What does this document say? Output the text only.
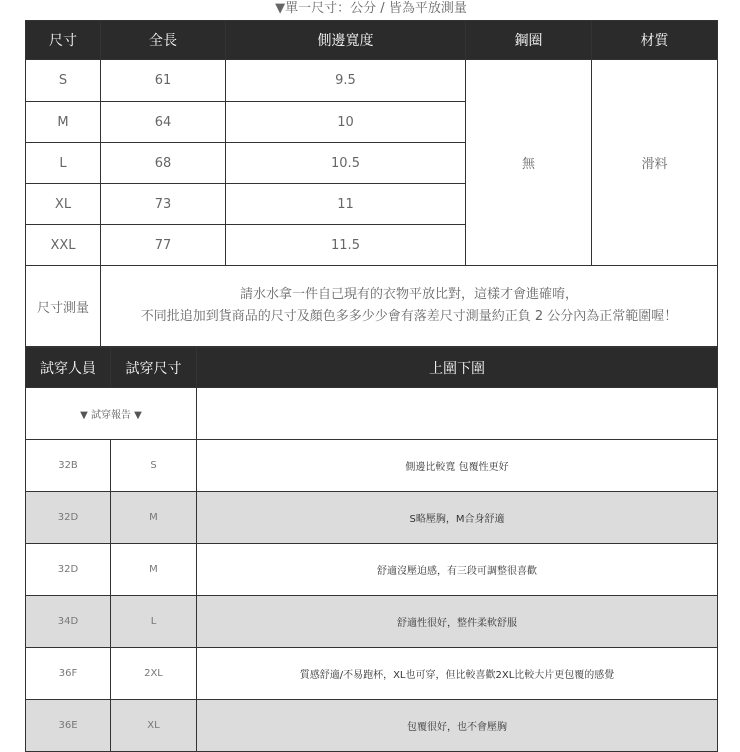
▼單一尺寸：公分 / 皆為平放測量
尺寸	全長	側邊寬度	鋼圈	材質
S	61	9.5	無	滑料
M	64	10		
L	68	10.5		
XL	73	11		
XXL	77	11.5		
尺寸測量	請水水拿一件自己現有的衣物平放比對，這樣才會進確唷，
不同批追加到貨商品的尺寸及顏色多多少少會有落差尺寸測量約正負 2 公分內為正常範圍喔！			
▼ 試穿報告 ▼		
試穿人員	試穿尺寸	上圍下圍
32B	S	側邊比較寬 包覆性更好
32D	M	S略壓胸，M合身舒適
32D	M	舒適沒壓迫感，有三段可調整很喜歡
34D	L	舒適性很好，整件柔軟舒服
36F	2XL	質感舒適/不易跑杯，XL也可穿，但比較喜歡2XL比較大片更包覆的感覺
36E	XL	包覆很好，也不會壓胸
